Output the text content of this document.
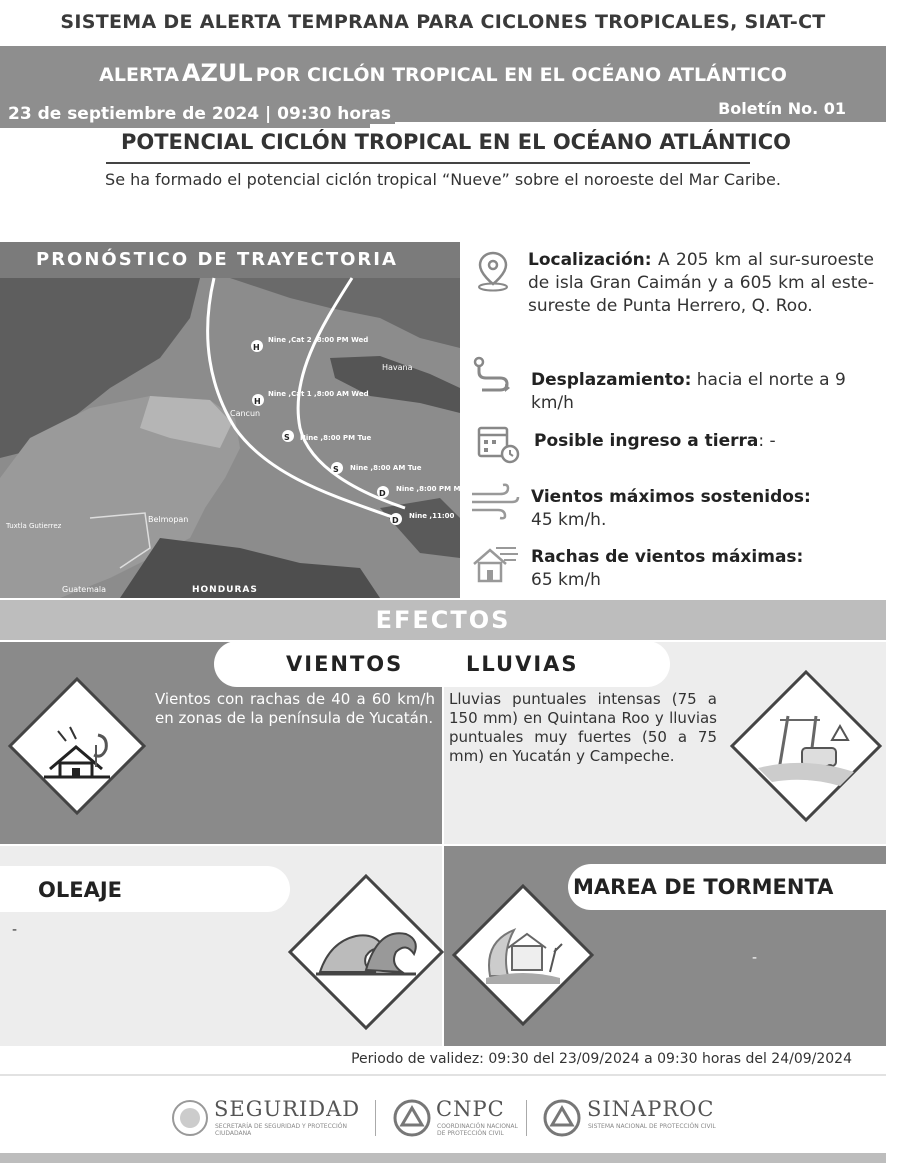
SISTEMA DE ALERTA TEMPRANA PARA CICLONES TROPICALES, SIAT-CT
ALERTA AZUL POR CICLÓN TROPICAL EN EL OCÉANO ATLÁNTICO
23 de septiembre de 2024 | 09:30 horas	Boletín No. 01
POTENCIAL CICLÓN TROPICAL EN EL OCÉANO ATLÁNTICO
Se ha formado el potencial ciclón tropical “Nueve” sobre el noroeste del Mar Caribe.
PRONÓSTICO DE TRAYECTORIA
H
Nine ,Cat 2 ,8:00 PM Wed
H
Nine ,Cat 1 ,8:00 AM Wed
S Nine ,8:00 PM Tue
S Nine ,8:00 AM Tue
D Nine ,8:00 PM Mon
D Nine ,11:00
Cancun
Havana
Belmopan
Tuxtla Gutierrez
Guatemala	HONDURAS
Localización: A 205 km al sur-suroeste de isla Gran Caimán y a 605 km al este-sureste de Punta Herrero, Q. Roo.
Desplazamiento: hacia el norte a 9 km/h
Posible ingreso a tierra: -
Vientos máximos sostenidos:
45 km/h.
Rachas de vientos máximas:
65 km/h
EFECTOS
VIENTOS	LLUVIAS
Vientos con rachas de 40 a 60 km/h en zonas de la península de Yucatán.
Lluvias puntuales intensas (75 a 150 mm) en Quintana Roo y lluvias puntuales muy fuertes (50 a 75 mm) en Yucatán y Campeche.
OLEAJE
-
MAREA DE TORMENTA
-
Periodo de validez: 09:30 del 23/09/2024 a 09:30 horas del 24/09/2024
SEGURIDAD
SECRETARÍA DE SEGURIDAD Y PROTECCIÓN CIUDADANA
CNPC
COORDINACIÓN NACIONAL DE PROTECCIÓN CIVIL
SINAPROC
SISTEMA NACIONAL DE PROTECCIÓN CIVIL
